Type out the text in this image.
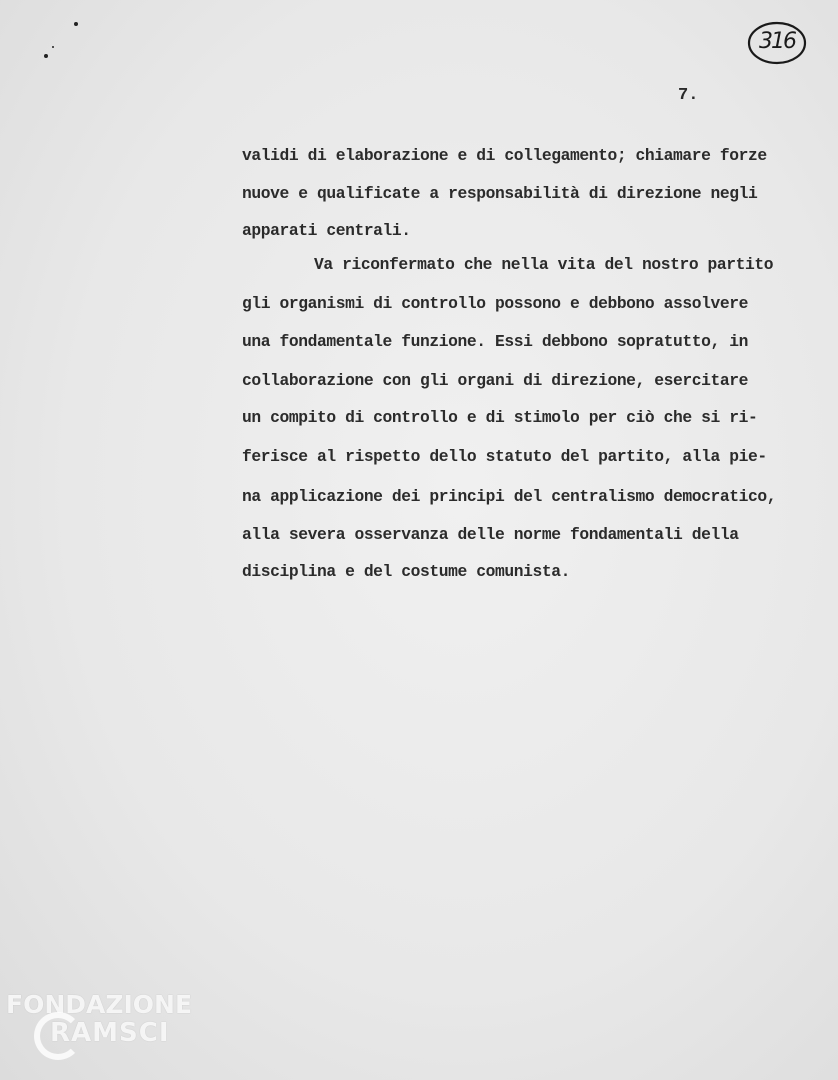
316
7.
validi di elaborazione e di collegamento; chiamare forze
nuove e qualificate a responsabilità di direzione negli
apparati centrali.
Va riconfermato che nella vita del nostro partito
gli organismi di controllo possono e debbono assolvere
una fondamentale funzione. Essi debbono sopratutto, in
collaborazione con gli organi di direzione, esercitare
un compito di controllo e di stimolo per ciò che si ri-
ferisce al rispetto dello statuto del partito, alla pie-
na applicazione dei principi del centralismo democratico,
alla severa osservanza delle norme fondamentali della
disciplina e del costume comunista.
FONDAZIONE
RAMSCI
